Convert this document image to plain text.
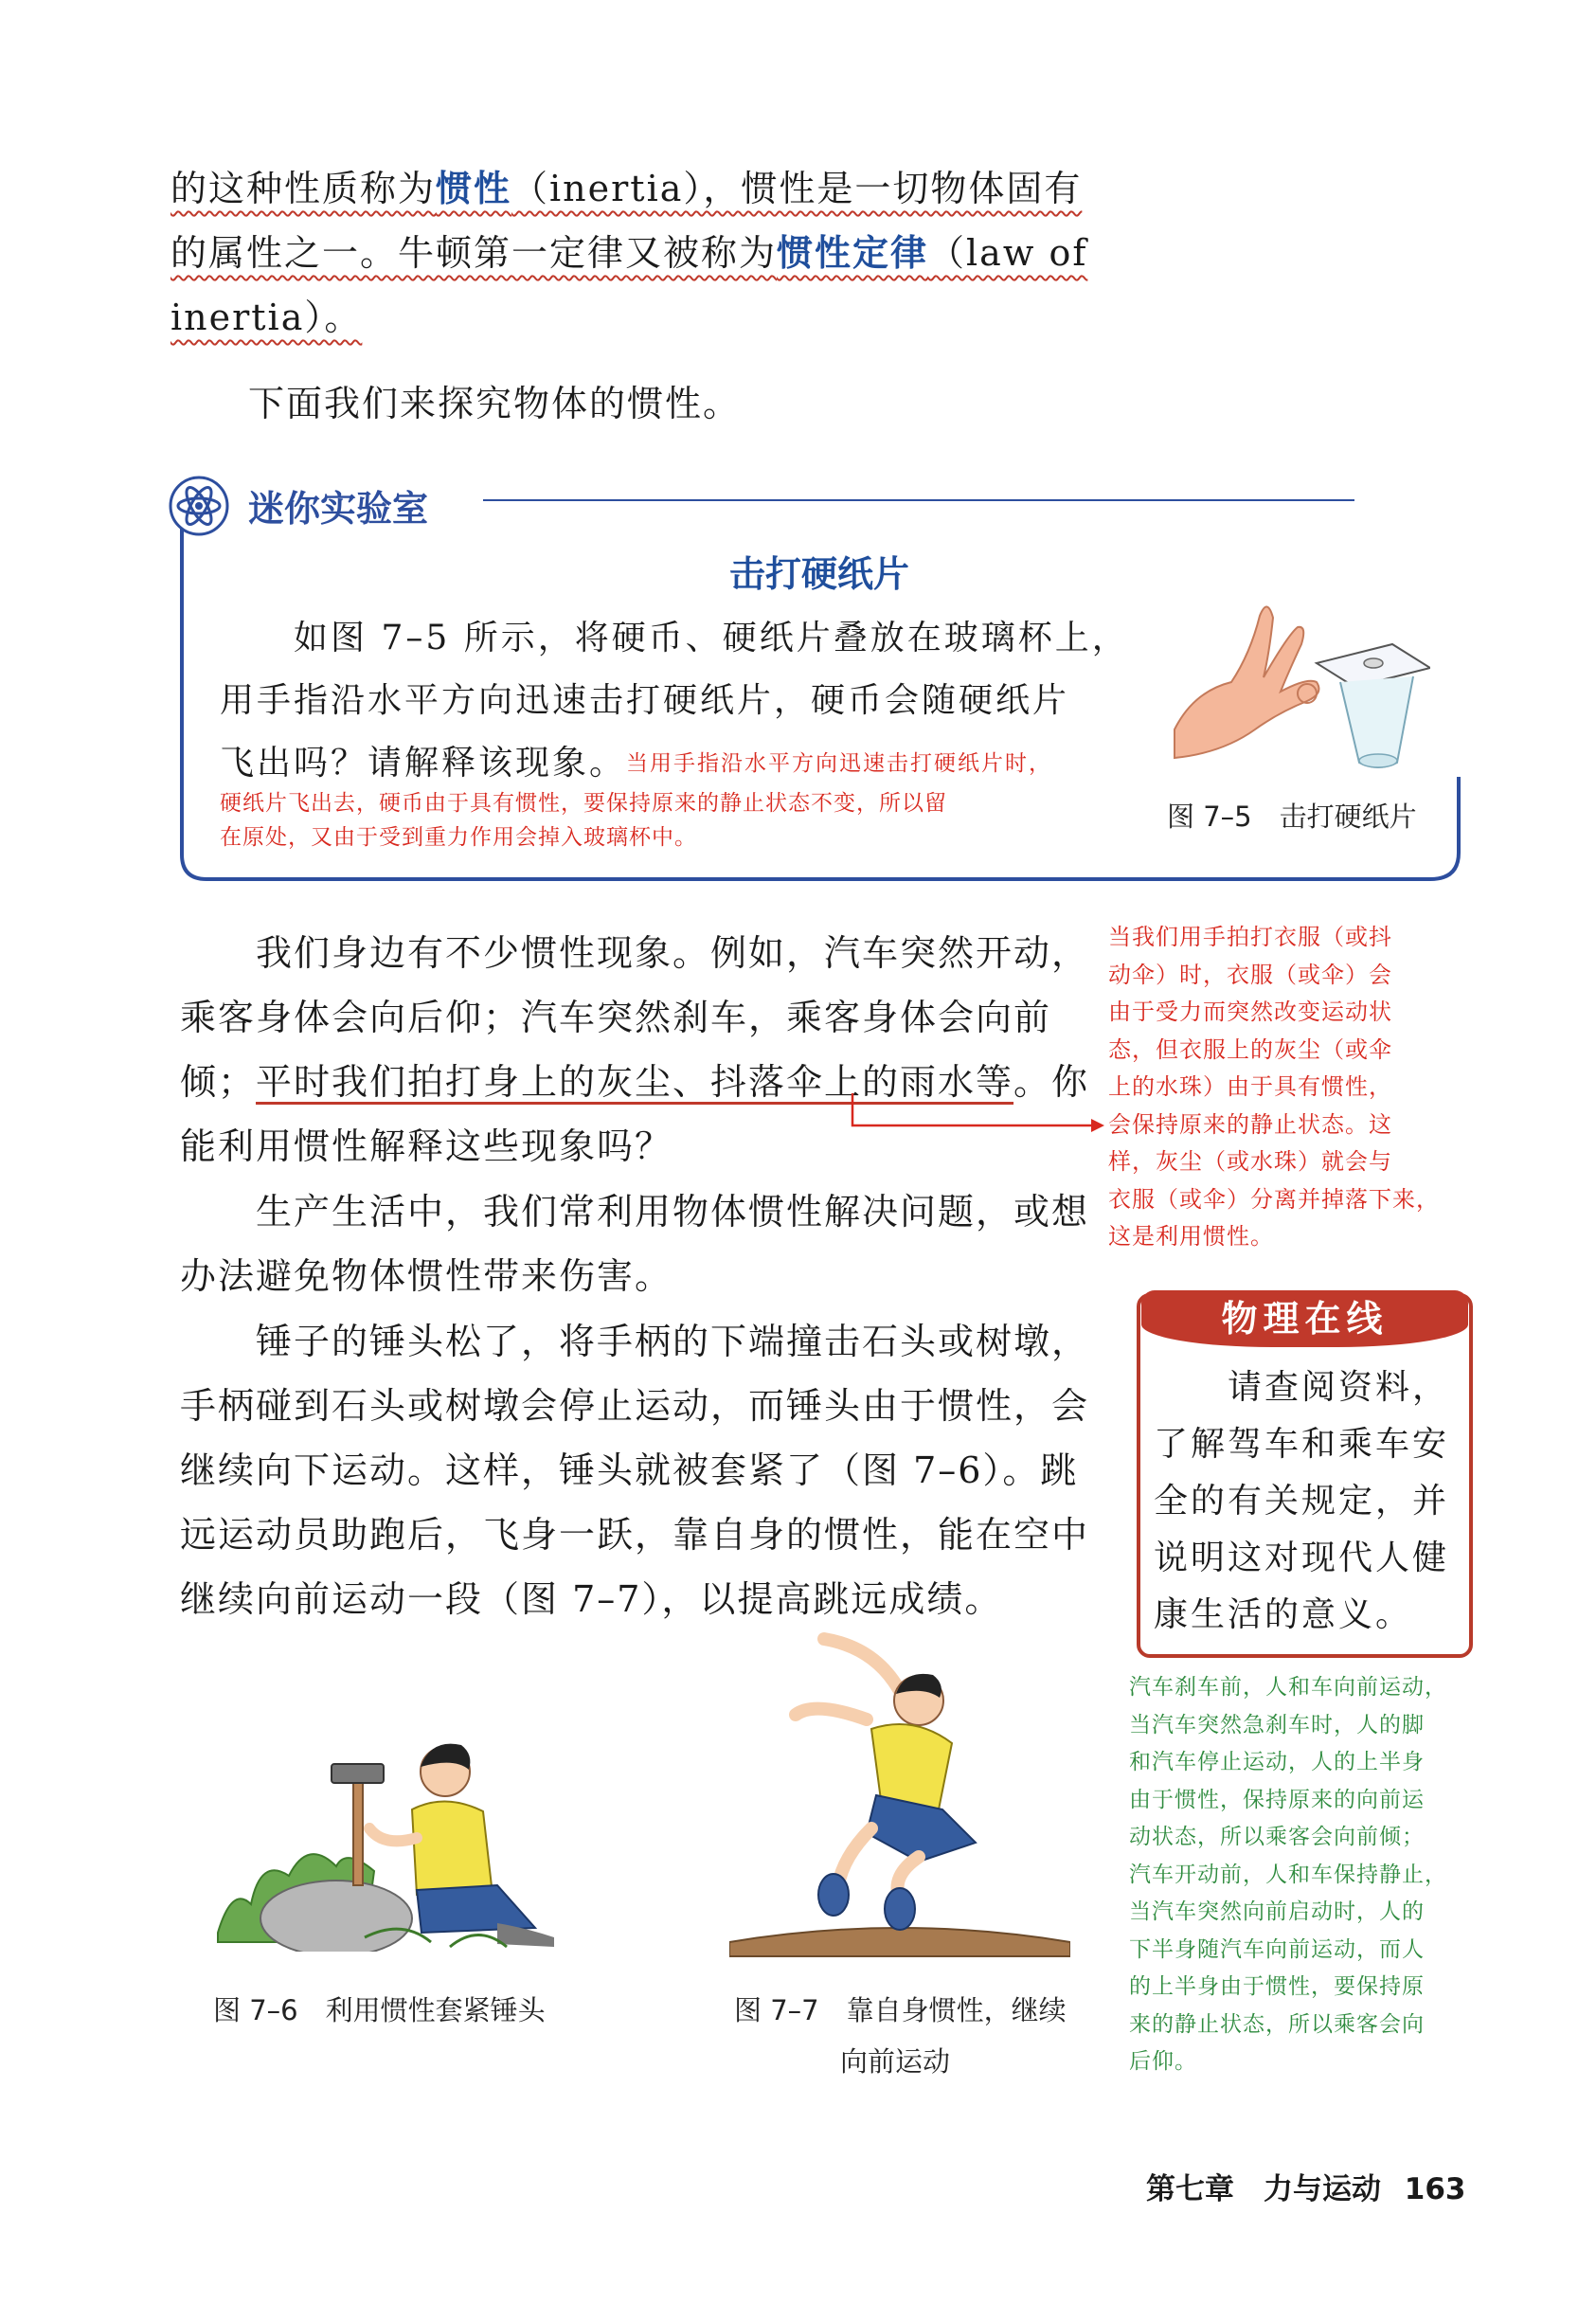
的这种性质称为惯性（inertia），惯性是一切物体固有
的属性之一。牛顿第一定律又被称为惯性定律（law of
inertia）。
下面我们来探究物体的惯性。
迷你实验室
击打硬纸片
如图 7–5 所示，将硬币、硬纸片叠放在玻璃杯上，
用手指沿水平方向迅速击打硬纸片，硬币会随硬纸片
飞出吗？请解释该现象。当用手指沿水平方向迅速击打硬纸片时，
硬纸片飞出去，硬币由于具有惯性，要保持原来的静止状态不变，所以留
在原处，又由于受到重力作用会掉入玻璃杯中。
图 7–5　击打硬纸片
我们身边有不少惯性现象。例如，汽车突然开动，
乘客身体会向后仰；汽车突然刹车，乘客身体会向前
倾；平时我们拍打身上的灰尘、抖落伞上的雨水等。你
能利用惯性解释这些现象吗？
生产生活中，我们常利用物体惯性解决问题，或想
办法避免物体惯性带来伤害。
锤子的锤头松了，将手柄的下端撞击石头或树墩，
手柄碰到石头或树墩会停止运动，而锤头由于惯性，会
继续向下运动。这样，锤头就被套紧了（图 7–6）。跳
远运动员助跑后，飞身一跃，靠自身的惯性，能在空中
继续向前运动一段（图 7–7），以提高跳远成绩。
当我们用手拍打衣服（或抖
动伞）时，衣服（或伞）会
由于受力而突然改变运动状
态，但衣服上的灰尘（或伞
上的水珠）由于具有惯性，
会保持原来的静止状态。这
样，灰尘（或水珠）就会与
衣服（或伞）分离并掉落下来，
这是利用惯性。
物理在线
请查阅资料，
了解驾车和乘车安
全的有关规定，并
说明这对现代人健
康生活的意义。
汽车刹车前，人和车向前运动，
当汽车突然急刹车时，人的脚
和汽车停止运动，人的上半身
由于惯性，保持原来的向前运
动状态，所以乘客会向前倾；
汽车开动前，人和车保持静止，
当汽车突然向前启动时，人的
下半身随汽车向前运动，而人
的上半身由于惯性，要保持原
来的静止状态，所以乘客会向
后仰。
图 7–6　利用惯性套紧锤头	图 7–7　靠自身惯性，继续
向前运动
第七章　力与运动 163
